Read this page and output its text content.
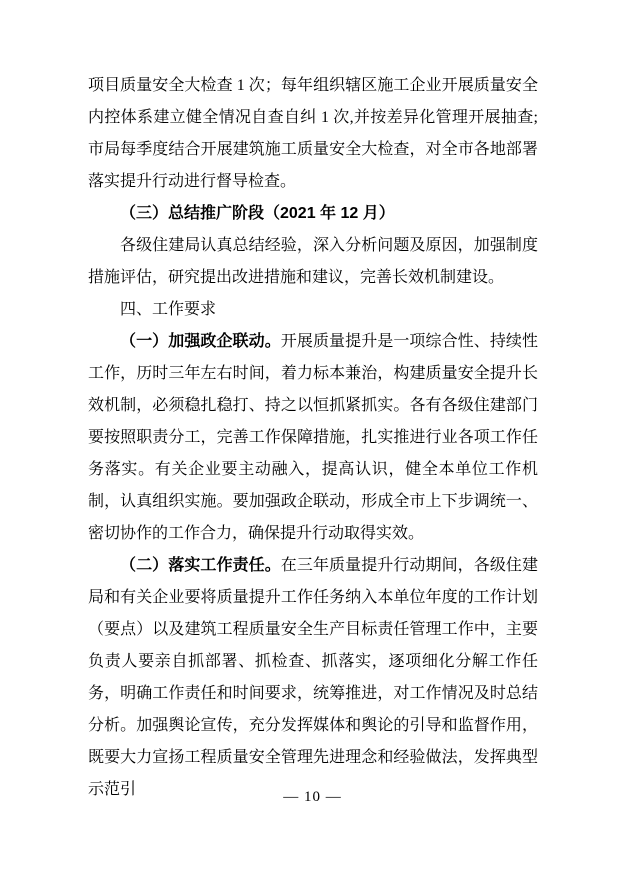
项目质量安全大检查 1 次；每年组织辖区施工企业开展质量安全内控体系建立健全情况自查自纠 1 次,并按差异化管理开展抽查;市局每季度结合开展建筑施工质量安全大检查，对全市各地部署落实提升行动进行督导检查。

（三）总结推广阶段（2021 年 12 月）

各级住建局认真总结经验，深入分析问题及原因，加强制度措施评估，研究提出改进措施和建议，完善长效机制建设。

四、工作要求

（一）加强政企联动。开展质量提升是一项综合性、持续性工作，历时三年左右时间，着力标本兼治，构建质量安全提升长效机制，必须稳扎稳打、持之以恒抓紧抓实。各有各级住建部门要按照职责分工，完善工作保障措施，扎实推进行业各项工作任务落实。有关企业要主动融入，提高认识，健全本单位工作机制，认真组织实施。要加强政企联动，形成全市上下步调统一、密切协作的工作合力，确保提升行动取得实效。

（二）落实工作责任。在三年质量提升行动期间，各级住建局和有关企业要将质量提升工作任务纳入本单位年度的工作计划（要点）以及建筑工程质量安全生产目标责任管理工作中，主要负责人要亲自抓部署、抓检查、抓落实，逐项细化分解工作任务，明确工作责任和时间要求，统筹推进，对工作情况及时总结分析。加强舆论宣传，充分发挥媒体和舆论的引导和监督作用，既要大力宣扬工程质量安全管理先进理念和经验做法，发挥典型示范引	— 10 —
